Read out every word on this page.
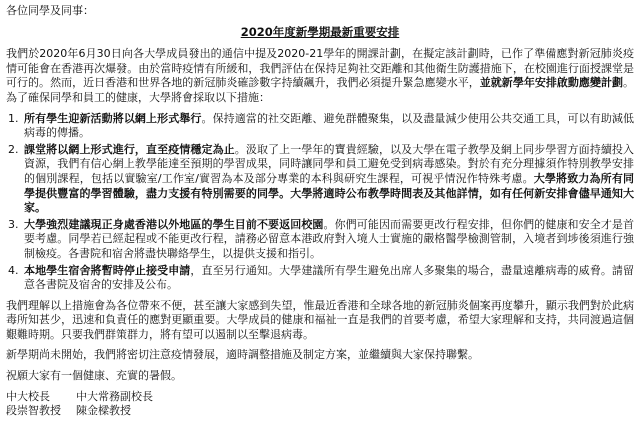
各位同學及同事：
2020年度新學期最新重要安排
我們於2020年6月30日向各大學成員發出的通信中提及2020-21學年的開課計劃，在擬定該計劃時，已作了準備應對新冠肺炎疫情可能會在香港再次爆發。由於當時疫情有所緩和，我們評估在保持足夠社交距離和其他衛生防護措施下，在校園進行面授課堂是可行的。然而，近日香港和世界各地的新冠肺炎確診數字持續飆升，我們必須提升緊急應變水平，並就新學年安排啟動應變計劃。為了確保同學和員工的健康，大學將會採取以下措施：
1. 所有學生迎新活動將以網上形式舉行。保持適當的社交距離、避免群體聚集，以及盡量減少使用公共交通工具，可以有助減低病毒的傳播。
2. 課堂將以網上形式進行，直至疫情穩定為止。汲取了上一學年的寶貴經驗，以及大學在電子教學及網上同步學習方面持續投入資源，我們有信心網上教學能達至預期的學習成果，同時讓同學和員工避免受到病毒感染。對於有充分理據須作特別教學安排的個別課程，包括以實驗室/工作室/實習為本及部分專業的本科與研究生課程，可視乎情況作特殊考慮。大學將致力為所有同學提供豐富的學習體驗，盡力支援有特別需要的同學。大學將適時公布教學時間表及其他詳情，如有任何新安排會儘早通知大家。
3. 大學強烈建議現正身處香港以外地區的學生目前不要返回校園。你們可能因而需要更改行程安排，但你們的健康和安全才是首要考慮。同學若已經起程或不能更改行程，請務必留意本港政府對入境人士實施的嚴格醫學檢測管制，入境者到埗後須進行強制檢疫。各書院和宿舍將盡快聯絡學生，以提供支援和指引。
4. 本地學生宿舍將暫時停止接受申請，直至另行通知。大學建議所有學生避免出席人多聚集的場合，盡量遠離病毒的威脅。請留意各書院及宿舍的安排及公布。
我們理解以上措施會為各位帶來不便，甚至讓大家感到失望，惟最近香港和全球各地的新冠肺炎個案再度攀升，顯示我們對於此病毒所知甚少，迅速和負責任的應對更顯重要。大學成員的健康和福祉一直是我們的首要考慮，希望大家理解和支持，共同渡過這個艱難時期。只要我們群策群力，將有望可以遏制以至擊退病毒。
新學期尚未開始，我們將密切注意疫情發展，適時調整措施及制定方案，並繼續與大家保持聯繫。
祝願大家有一個健康、充實的暑假。
中大校長	中大常務副校長
段崇智教授	陳金樑教授
